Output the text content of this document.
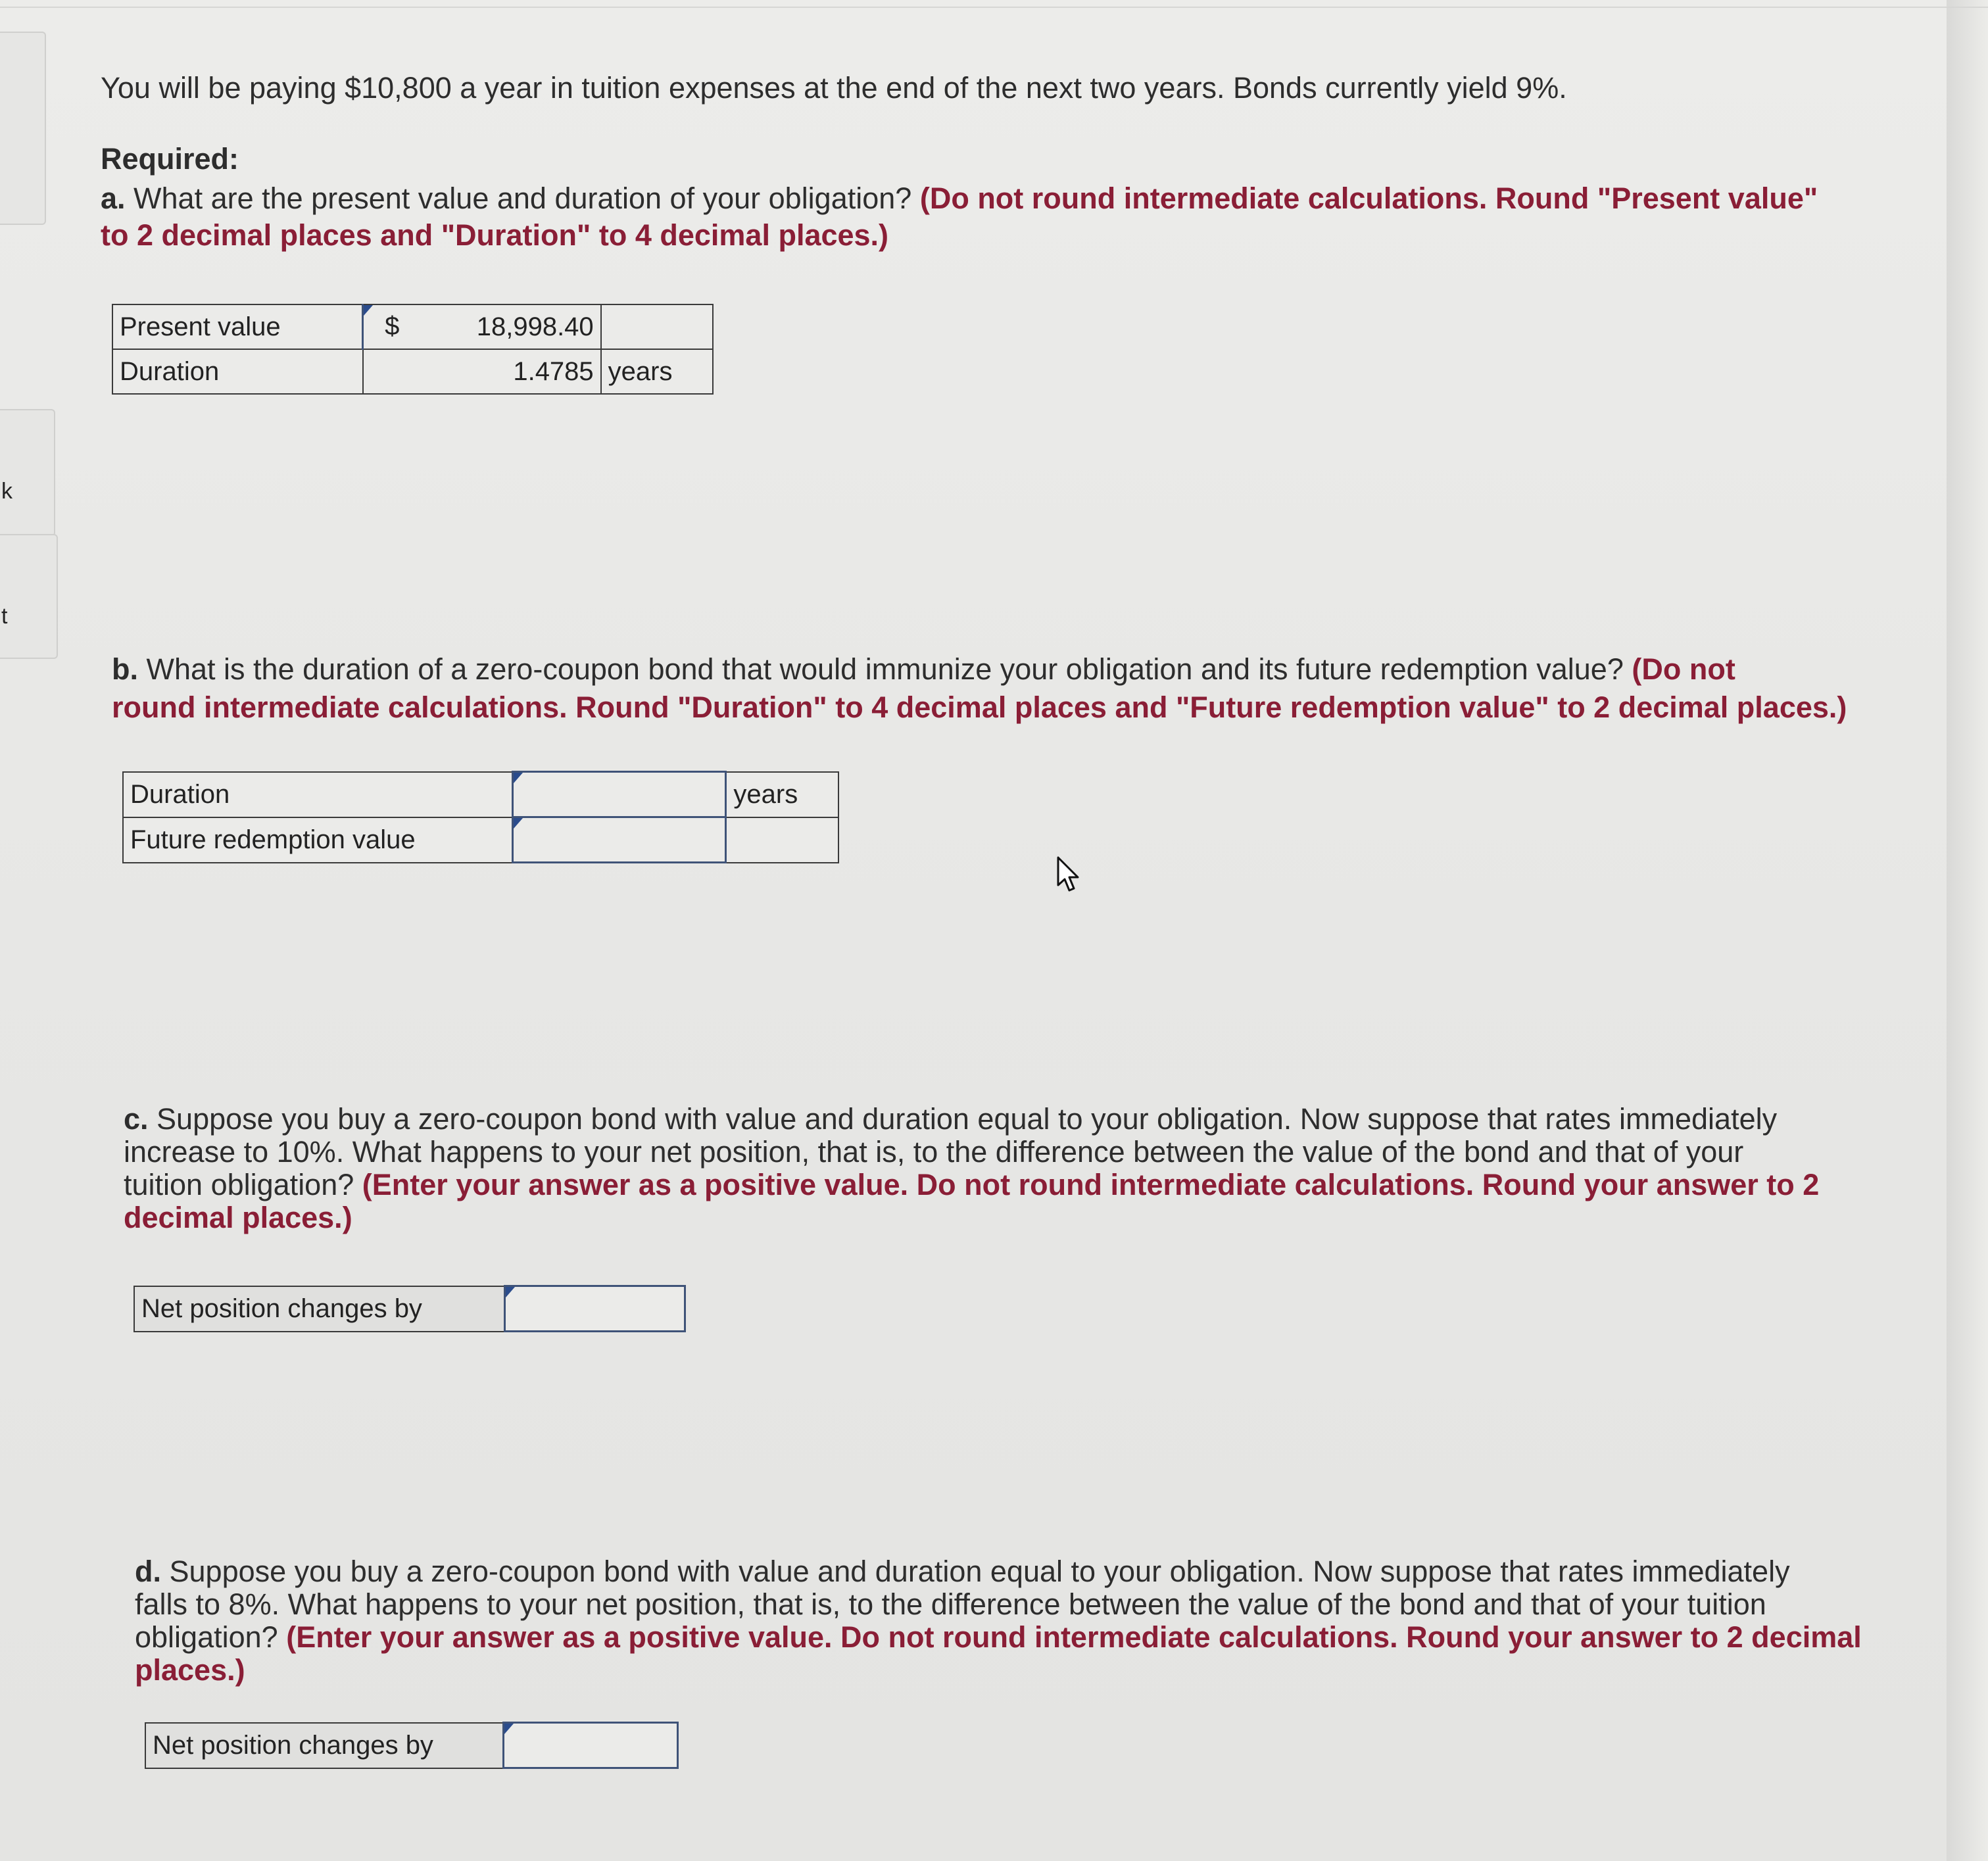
k
t
You will be paying $10,800 a year in tuition expenses at the end of the next two years. Bonds currently yield 9%.
Required:
a. What are the present value and duration of your obligation? (Do not round intermediate calculations. Round "Present value"
to 2 decimal places and "Duration" to 4 decimal places.)
Present value	$ 18,998.40	
Duration	1.4785	years
b. What is the duration of a zero-coupon bond that would immunize your obligation and its future redemption value? (Do not
round intermediate calculations. Round "Duration" to 4 decimal places and "Future redemption value" to 2 decimal places.)
Duration		years
Future redemption value	

c. Suppose you buy a zero-coupon bond with value and duration equal to your obligation. Now suppose that rates immediately
increase to 10%. What happens to your net position, that is, to the difference between the value of the bond and that of your
tuition obligation? (Enter your answer as a positive value. Do not round intermediate calculations. Round your answer to 2
decimal places.)
Net position changes by	
d. Suppose you buy a zero-coupon bond with value and duration equal to your obligation. Now suppose that rates immediately
falls to 8%. What happens to your net position, that is, to the difference between the value of the bond and that of your tuition
obligation? (Enter your answer as a positive value. Do not round intermediate calculations. Round your answer to 2 decimal
places.)
Net position changes by	
